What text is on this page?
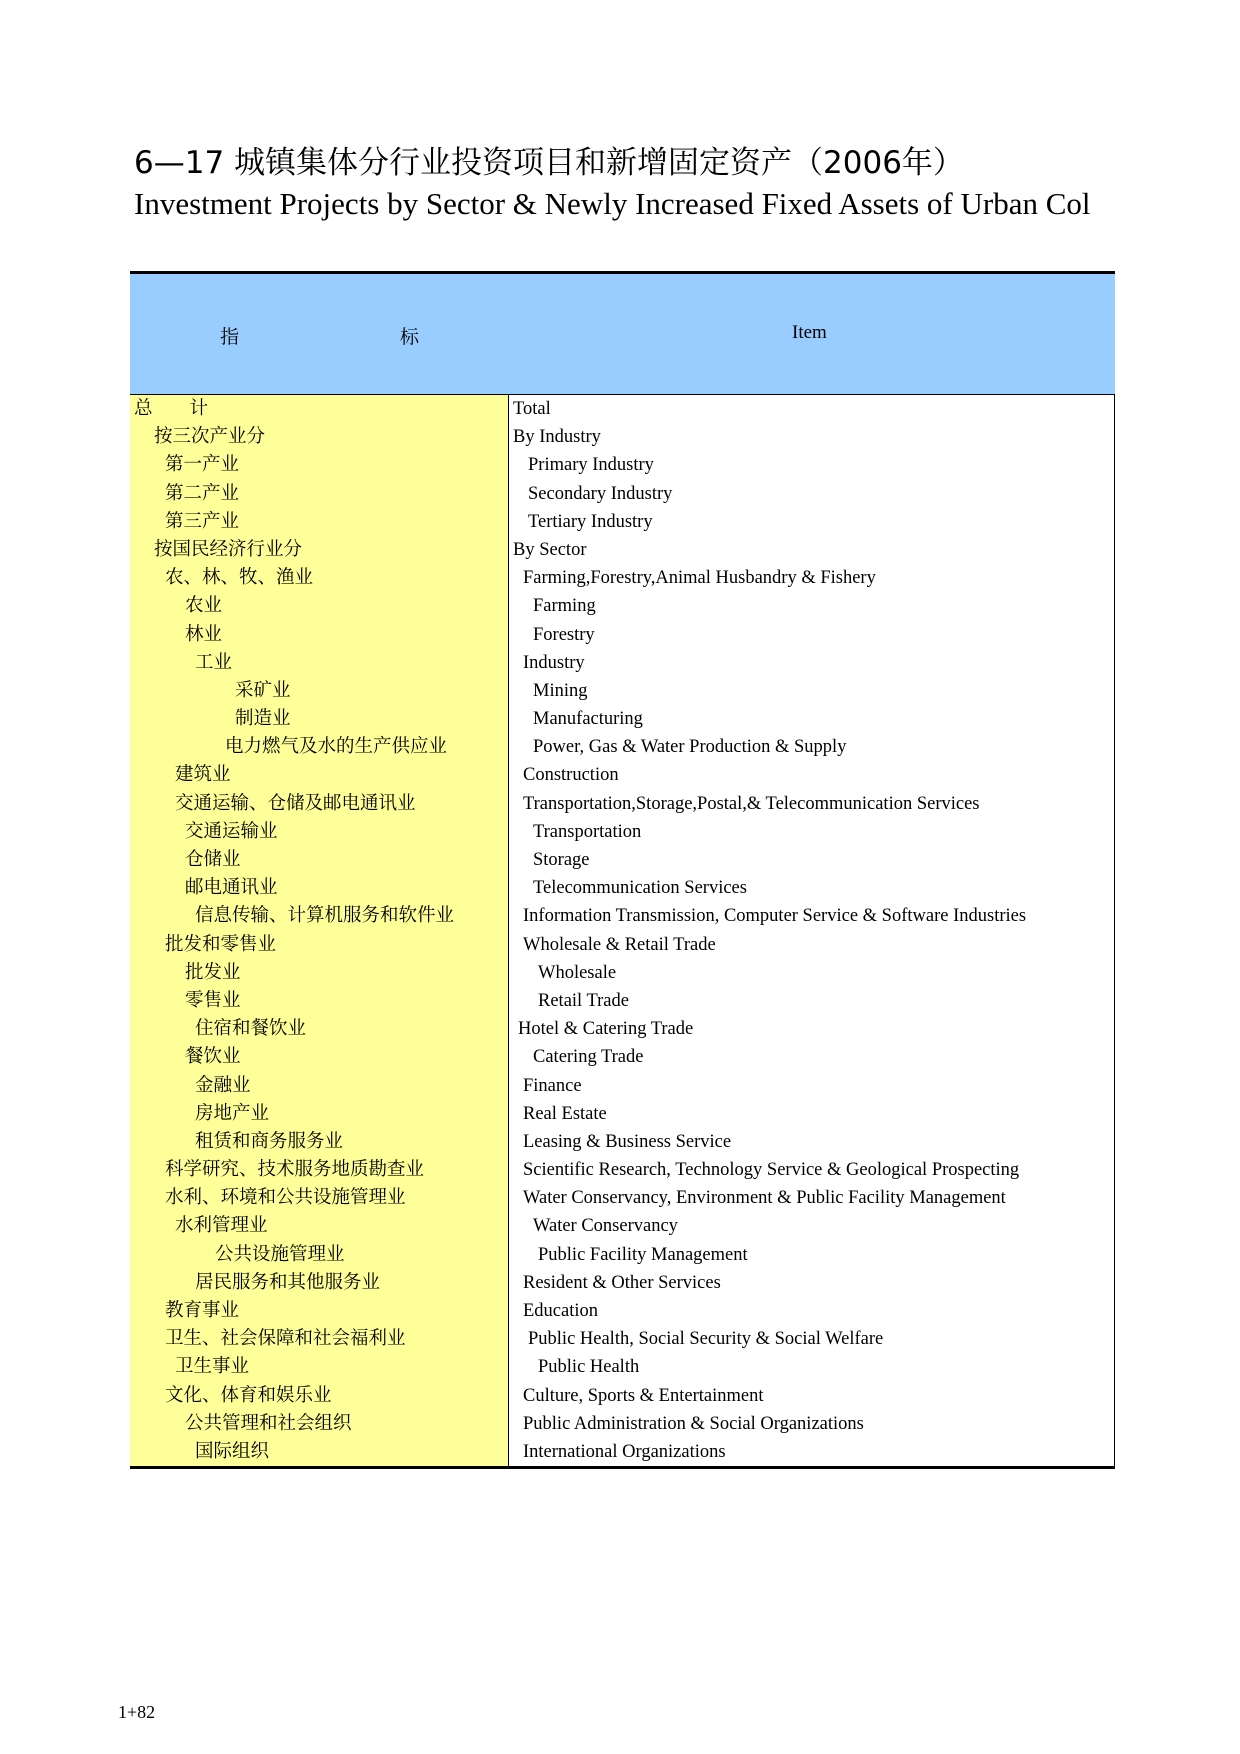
6—17 城镇集体分行业投资项目和新增固定资产（2006年）
Investment Projects by Sector & Newly Increased Fixed Assets of Urban Col
指	标	Item
总　　计
按三次产业分
第一产业
第二产业
第三产业
按国民经济行业分
农、林、牧、渔业
农业
林业
工业
采矿业
制造业
电力燃气及水的生产供应业
建筑业
交通运输、仓储及邮电通讯业
交通运输业
仓储业
邮电通讯业
信息传输、计算机服务和软件业
批发和零售业
批发业
零售业
住宿和餐饮业
餐饮业
金融业
房地产业
租赁和商务服务业
科学研究、技术服务地质勘查业
水利、环境和公共设施管理业
水利管理业
公共设施管理业
居民服务和其他服务业
教育事业
卫生、社会保障和社会福利业
卫生事业
文化、体育和娱乐业
公共管理和社会组织
国际组织
Total
By Industry
Primary Industry
Secondary Industry
Tertiary Industry
By Sector
Farming,Forestry,Animal Husbandry & Fishery
Farming
Forestry
Industry
Mining
Manufacturing
Power, Gas & Water Production & Supply
Construction
Transportation,Storage,Postal,& Telecommunication Services
Transportation
Storage
Telecommunication Services
Information Transmission, Computer Service & Software Industries
Wholesale & Retail Trade
Wholesale
Retail Trade
Hotel & Catering Trade
Catering Trade
Finance
Real Estate
Leasing & Business Service
Scientific Research, Technology Service & Geological Prospecting
Water Conservancy, Environment & Public Facility Management
Water Conservancy
Public Facility Management
Resident & Other Services
Education
Public Health, Social Security & Social Welfare
Public Health
Culture, Sports & Entertainment
Public Administration & Social Organizations
International Organizations
1+82
